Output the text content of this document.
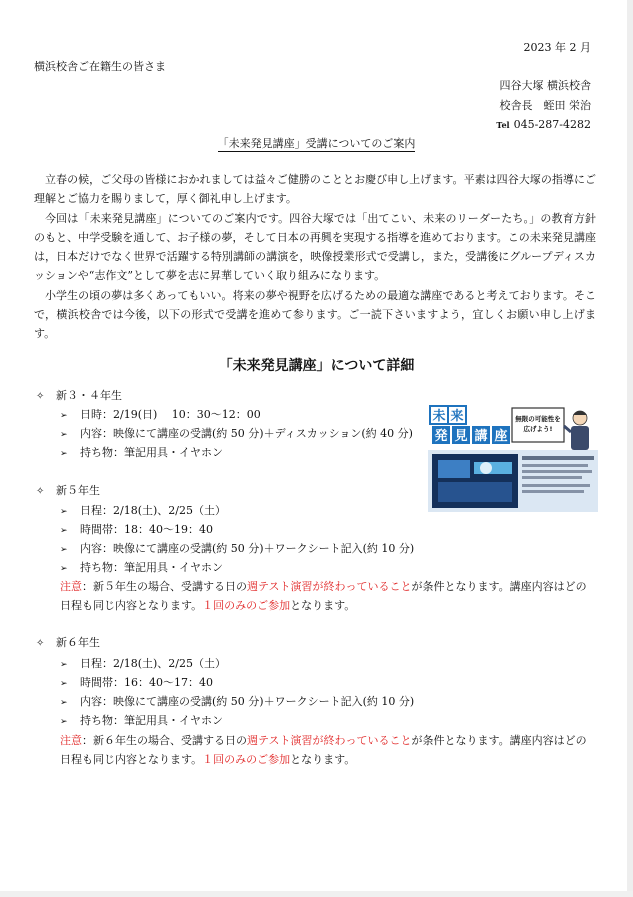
2023 年 2 月
横浜校舎ご在籍生の皆さま
四谷大塚 横浜校舎
校舎長　蛭田 栄治
Tel 045-287-4282
「未来発見講座」受講についてのご案内

立春の候，ご父母の皆様におかれましては益々ご健勝のこととお慶び申し上げます。平素は四谷大塚の指導にご理解とご協力を賜りまして，厚く御礼申し上げます。

今回は「未来発見講座」についてのご案内です。四谷大塚では「出てこい、未来のリーダーたち。」の教育方針のもと、中学受験を通して、お子様の夢，そして日本の再興を実現する指導を進めております。この未来発見講座は，日本だけでなく世界で活躍する特別講師の講演を，映像授業形式で受講し，また，受講後にグループディスカッションや“志作文”として夢を志に昇華していく取り組みになります。

小学生の頃の夢は多くあってもいい。将来の夢や視野を広げるための最適な講座であると考えております。そこで，横浜校舎では今後，以下の形式で受講を進めて参ります。ご一読下さいますよう，宜しくお願い申し上げます。

「未来発見講座」について詳細
✧ 新３・４年生
➢ 日時：2/19(日)　 10：30～12：00
➢ 内容：映像にて講座の受講(約 50 分)＋ディスカッション(約 40 分)
➢ 持ち物：筆記用具・イヤホン
✧ 新５年生
➢ 日程：2/18(土)、2/25（土）
➢ 時間帯：18：40～19：40
➢ 内容：映像にて講座の受講(約 50 分)＋ワークシート記入(約 10 分)
➢ 持ち物：筆記用具・イヤホン
注意：新５年生の場合、受講する日の週テスト演習が終わっていることが条件となります。講座内容はどの日程も同じ内容となります。１回のみのご参加となります。
✧ 新６年生
➢ 日程：2/18(土)、2/25（土）
➢ 時間帯：16：40～17：40
➢ 内容：映像にて講座の受講(約 50 分)＋ワークシート記入(約 10 分)
➢ 持ち物：筆記用具・イヤホン
注意：新６年生の場合、受講する日の週テスト演習が終わっていることが条件となります。講座内容はどの日程も同じ内容となります。１回のみのご参加となります。
未 来
発 見 講 座
無限の可能性を
広げよう!
